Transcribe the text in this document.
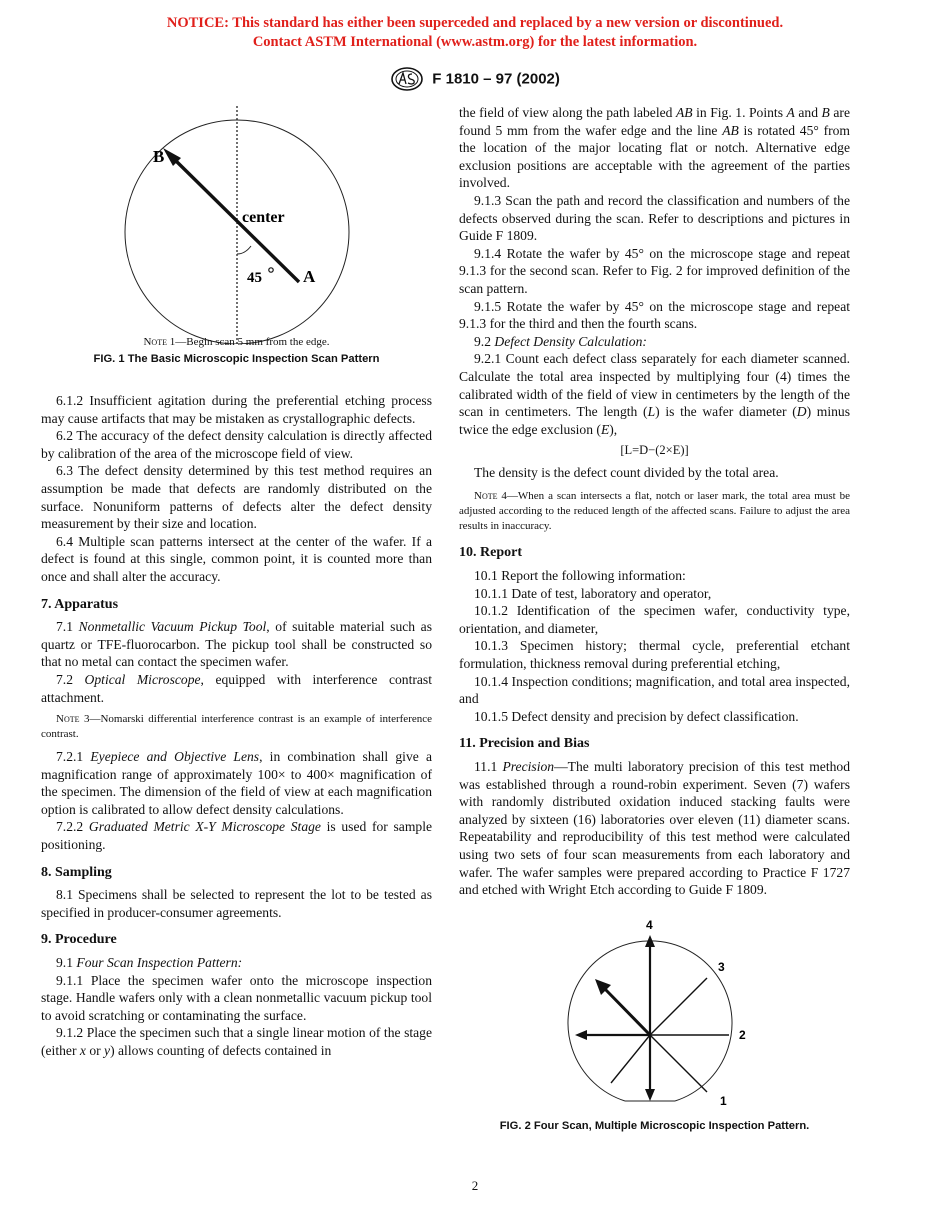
NOTICE: This standard has either been superceded and replaced by a new version or discontinued.
Contact ASTM International (www.astm.org) for the latest information.
F 1810 – 97 (2002)
B
A
center
45
Note 1—Begin scan 5 mm from the edge.
FIG. 1 The Basic Microscopic Inspection Scan Pattern

6.1.2 Insufficient agitation during the preferential etching process may cause artifacts that may be mistaken as crystallographic defects.

6.2 The accuracy of the defect density calculation is directly affected by calibration of the area of the microscope field of view.

6.3 The defect density determined by this test method requires an assumption be made that defects are randomly distributed on the surface. Nonuniform patterns of defects alter the defect density measurement by their size and location.

6.4 Multiple scan patterns intersect at the center of the wafer. If a defect is found at this single, common point, it is counted more than once and shall alter the accuracy.

7. Apparatus

7.1 Nonmetallic Vacuum Pickup Tool, of suitable material such as quartz or TFE-fluorocarbon. The pickup tool shall be constructed so that no metal can contact the specimen wafer.

7.2 Optical Microscope, equipped with interference contrast attachment.

Note 3—Nomarski differential interference contrast is an example of interference contrast.

7.2.1 Eyepiece and Objective Lens, in combination shall give a magnification range of approximately 100× to 400× magnification of the specimen. The dimension of the field of view at each magnification option is calibrated to allow defect density calculations.

7.2.2 Graduated Metric X-Y Microscope Stage is used for sample positioning.

8. Sampling

8.1 Specimens shall be selected to represent the lot to be tested as specified in producer-consumer agreements.

9. Procedure

9.1 Four Scan Inspection Pattern:

9.1.1 Place the specimen wafer onto the microscope inspection stage. Handle wafers only with a clean nonmetallic vacuum pickup tool to avoid scratching or contaminating the surface.

9.1.2 Place the specimen such that a single linear motion of the stage (either x or y) allows counting of defects contained in

the field of view along the path labeled AB in Fig. 1. Points A and B are found 5 mm from the wafer edge and the line AB is rotated 45° from the location of the major locating flat or notch. Alternative edge exclusion positions are acceptable with the agreement of the parties involved.

9.1.3 Scan the path and record the classification and numbers of the defects observed during the scan. Refer to descriptions and pictures in Guide F 1809.

9.1.4 Rotate the wafer by 45° on the microscope stage and repeat 9.1.3 for the second scan. Refer to Fig. 2 for improved definition of the scan pattern.

9.1.5 Rotate the wafer by 45° on the microscope stage and repeat 9.1.3 for the third and then the fourth scans.

9.2 Defect Density Calculation:

9.2.1 Count each defect class separately for each diameter scanned. Calculate the total area inspected by multiplying four (4) times the calibrated width of the field of view in centimeters by the length of the scan in centimeters. The length (L) is the wafer diameter (D) minus twice the edge exclusion (E),

[L=D−(2×E)]

The density is the defect count divided by the total area.

Note 4—When a scan intersects a flat, notch or laser mark, the total area must be adjusted according to the reduced length of the affected scans. Failure to adjust the area results in inaccuracy.

10. Report

10.1 Report the following information:

10.1.1 Date of test, laboratory and operator,

10.1.2 Identification of the specimen wafer, conductivity type, orientation, and diameter,

10.1.3 Specimen history; thermal cycle, preferential etchant formulation, thickness removal during preferential etching,

10.1.4 Inspection conditions; magnification, and total area inspected, and

10.1.5 Defect density and precision by defect classification.

11. Precision and Bias

11.1 Precision—The multi laboratory precision of this test method was established through a round-robin experiment. Seven (7) wafers with randomly distributed oxidation induced stacking faults were analyzed by sixteen (16) laboratories over eleven (11) diameter scans. Repeatability and reproducibility of this test method were calculated using two sets of four scan measurements from each laboratory and wafer. The wafer samples were prepared according to Practice F 1727 and etched with Wright Etch according to Guide F 1809.

4
3
2
1
FIG. 2 Four Scan, Multiple Microscopic Inspection Pattern.
2
